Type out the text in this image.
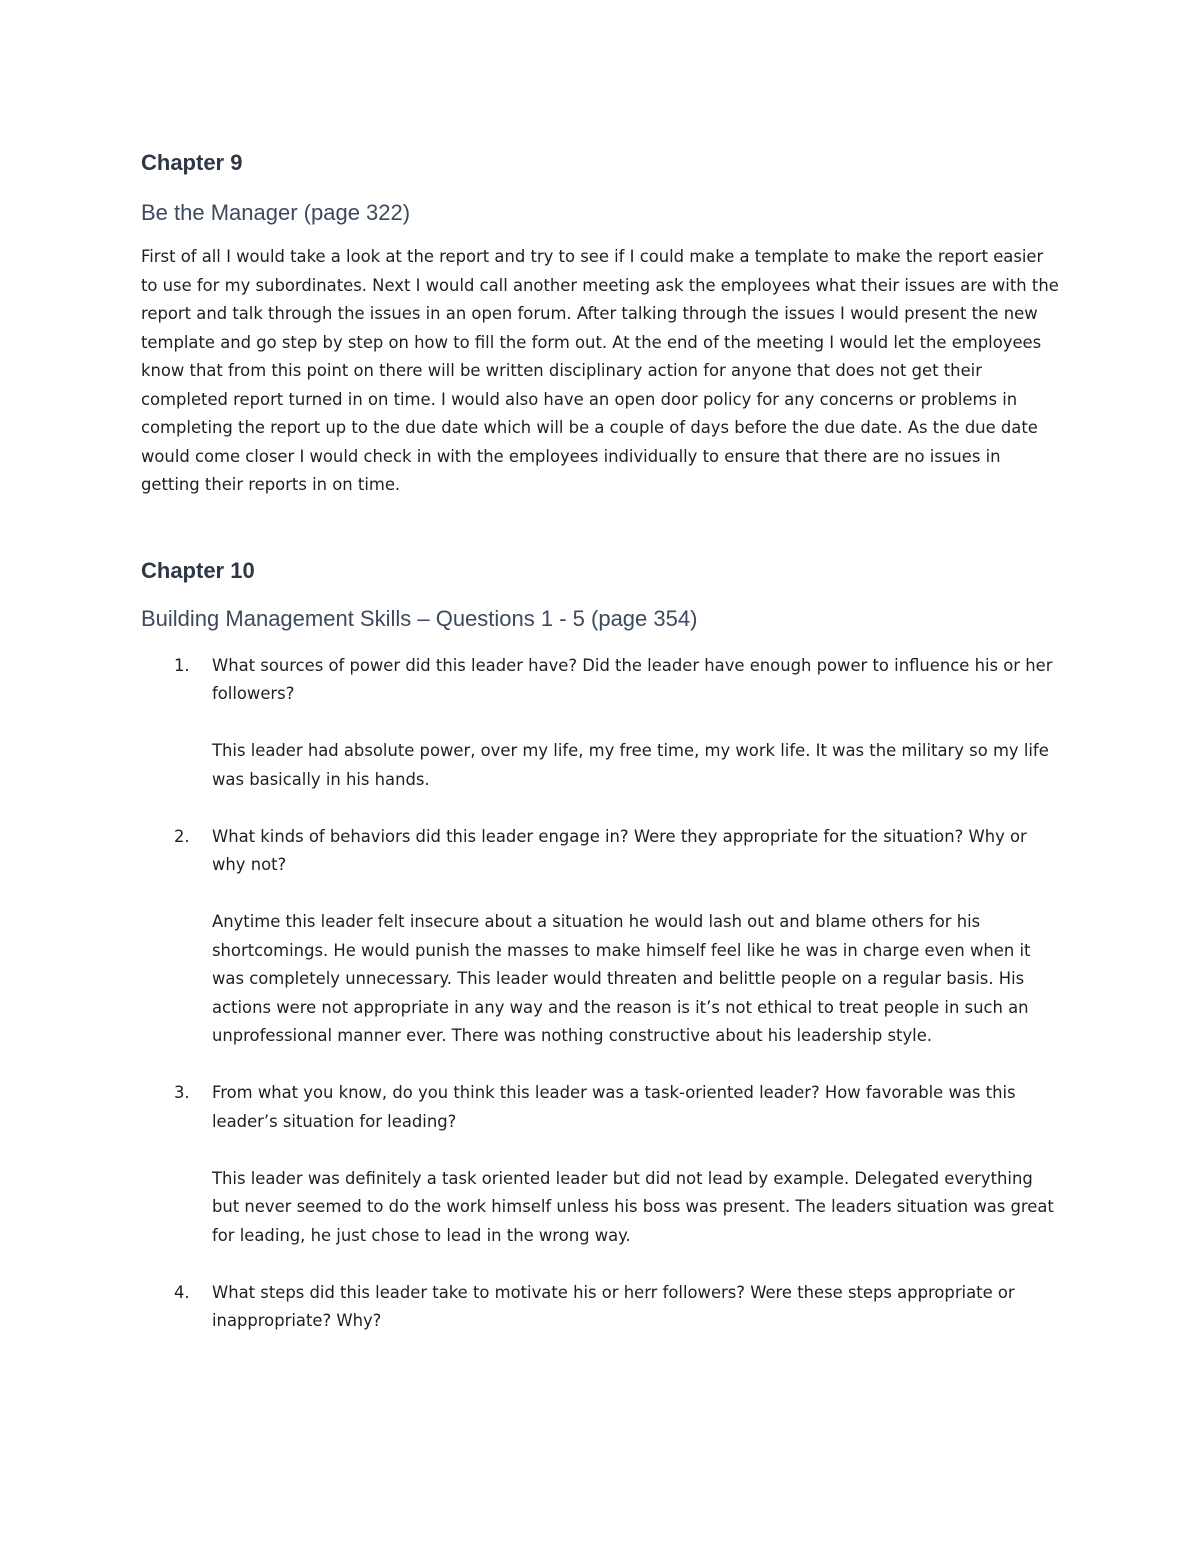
Chapter 9
Be the Manager (page 322)

First of all I would take a look at the report and try to see if I could make a template to make the report easier to use for my subordinates. Next I would call another meeting ask the employees what their issues are with the report and talk through the issues in an open forum. After talking through the issues I would present the new template and go step by step on how to fill the form out. At the end of the meeting I would let the employees know that from this point on there will be written disciplinary action for anyone that does not get their completed report turned in on time. I would also have an open door policy for any concerns or problems in completing the report up to the due date which will be a couple of days before the due date. As the due date would come closer I would check in with the employees individually to ensure that there are no issues in getting their reports in on time.

Chapter 10
Building Management Skills – Questions 1 - 5 (page 354)
1. What sources of power did this leader have? Did the leader have enough power to influence his or her followers?

This leader had absolute power, over my life, my free time, my work life. It was the military so my life was basically in his hands.

2. What kinds of behaviors did this leader engage in? Were they appropriate for the situation? Why or why not?

Anytime this leader felt insecure about a situation he would lash out and blame others for his shortcomings. He would punish the masses to make himself feel like he was in charge even when it was completely unnecessary. This leader would threaten and belittle people on a regular basis. His actions were not appropriate in any way and the reason is it’s not ethical to treat people in such an unprofessional manner ever. There was nothing constructive about his leadership style.

3. From what you know, do you think this leader was a task-oriented leader? How favorable was this leader’s situation for leading?

This leader was definitely a task oriented leader but did not lead by example. Delegated everything but never seemed to do the work himself unless his boss was present. The leaders situation was great for leading, he just chose to lead in the wrong way.

4. What steps did this leader take to motivate his or herr followers? Were these steps appropriate or inappropriate? Why?
